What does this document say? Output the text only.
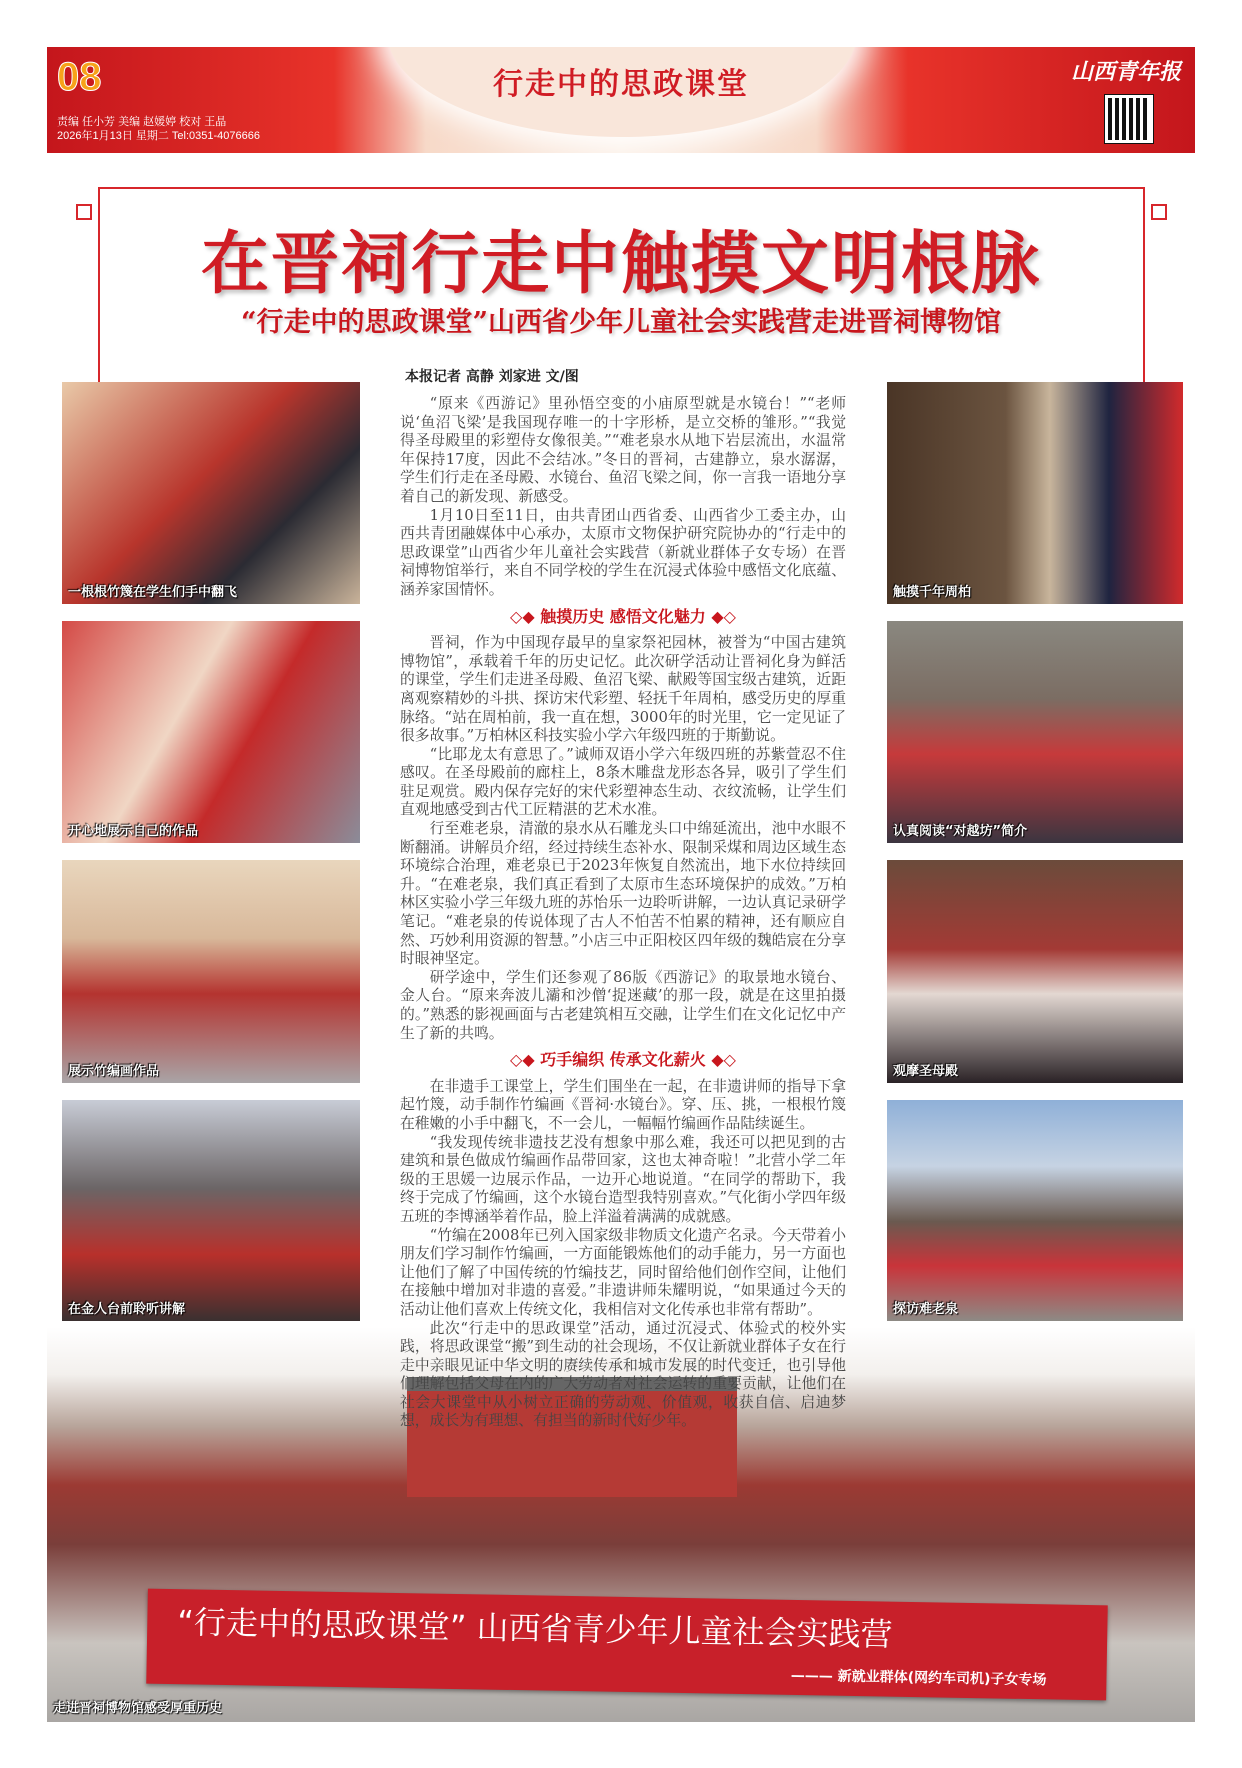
08	行走中的思政课堂
责编 任小芳 美编 赵媛婷 校对 王晶
2026年1月13日 星期二 Tel:0351-4076666
山西青年报
在晋祠行走中触摸文明根脉
“行走中的思政课堂”山西省少年儿童社会实践营走进晋祠博物馆
本报记者 高静 刘家进 文/图

“原来《西游记》里孙悟空变的小庙原型就是水镜台！”“老师说‘鱼沼飞梁’是我国现存唯一的十字形桥，是立交桥的雏形。”“我觉得圣母殿里的彩塑侍女像很美。”“难老泉水从地下岩层流出，水温常年保持17度，因此不会结冰。”冬日的晋祠，古建静立，泉水潺潺，学生们行走在圣母殿、水镜台、鱼沼飞梁之间，你一言我一语地分享着自己的新发现、新感受。

1月10日至11日，由共青团山西省委、山西省少工委主办，山西共青团融媒体中心承办，太原市文物保护研究院协办的“行走中的思政课堂”山西省少年儿童社会实践营（新就业群体子女专场）在晋祠博物馆举行，来自不同学校的学生在沉浸式体验中感悟文化底蕴、涵养家国情怀。

◇◆ 触摸历史 感悟文化魅力 ◆◇

晋祠，作为中国现存最早的皇家祭祀园林，被誉为“中国古建筑博物馆”，承载着千年的历史记忆。此次研学活动让晋祠化身为鲜活的课堂，学生们走进圣母殿、鱼沼飞梁、献殿等国宝级古建筑，近距离观察精妙的斗拱、探访宋代彩塑、轻抚千年周柏，感受历史的厚重脉络。“站在周柏前，我一直在想，3000年的时光里，它一定见证了很多故事。”万柏林区科技实验小学六年级四班的于斯勤说。

“比耶龙太有意思了。”诚师双语小学六年级四班的苏紫萱忍不住感叹。在圣母殿前的廊柱上，8条木雕盘龙形态各异，吸引了学生们驻足观赏。殿内保存完好的宋代彩塑神态生动、衣纹流畅，让学生们直观地感受到古代工匠精湛的艺术水准。

行至难老泉，清澈的泉水从石雕龙头口中绵延流出，池中水眼不断翻涌。讲解员介绍，经过持续生态补水、限制采煤和周边区域生态环境综合治理，难老泉已于2023年恢复自然流出，地下水位持续回升。“在难老泉，我们真正看到了太原市生态环境保护的成效。”万柏林区实验小学三年级九班的苏怡乐一边聆听讲解，一边认真记录研学笔记。“难老泉的传说体现了古人不怕苦不怕累的精神，还有顺应自然、巧妙利用资源的智慧。”小店三中正阳校区四年级的魏皓宸在分享时眼神坚定。

研学途中，学生们还参观了86版《西游记》的取景地水镜台、金人台。“原来奔波儿灞和沙僧‘捉迷藏’的那一段，就是在这里拍摄的。”熟悉的影视画面与古老建筑相互交融，让学生们在文化记忆中产生了新的共鸣。

◇◆ 巧手编织 传承文化薪火 ◆◇

在非遗手工课堂上，学生们围坐在一起，在非遗讲师的指导下拿起竹篾，动手制作竹编画《晋祠·水镜台》。穿、压、挑，一根根竹篾在稚嫩的小手中翻飞，不一会儿，一幅幅竹编画作品陆续诞生。

“我发现传统非遗技艺没有想象中那么难，我还可以把见到的古建筑和景色做成竹编画作品带回家，这也太神奇啦！”北营小学二年级的王思媛一边展示作品，一边开心地说道。“在同学的帮助下，我终于完成了竹编画，这个水镜台造型我特别喜欢。”气化街小学四年级五班的李博涵举着作品，脸上洋溢着满满的成就感。

“竹编在2008年已列入国家级非物质文化遗产名录。今天带着小朋友们学习制作竹编画，一方面能锻炼他们的动手能力，另一方面也让他们了解了中国传统的竹编技艺，同时留给他们创作空间，让他们在接触中增加对非遗的喜爱。”非遗讲师朱耀明说，“如果通过今天的活动让他们喜欢上传统文化，我相信对文化传承也非常有帮助”。

此次“行走中的思政课堂”活动，通过沉浸式、体验式的校外实践，将思政课堂“搬”到生动的社会现场，不仅让新就业群体子女在行走中亲眼见证中华文明的赓续传承和城市发展的时代变迁，也引导他们理解包括父母在内的广大劳动者对社会运转的重要贡献，让他们在社会大课堂中从小树立正确的劳动观、价值观，收获自信、启迪梦想，成长为有理想、有担当的新时代好少年。

一根根竹篾在学生们手中翻飞
开心地展示自己的作品
展示竹编画作品
在金人台前聆听讲解
触摸千年周柏
认真阅读“对越坊”简介
观摩圣母殿
探访难老泉
“行走中的思政课堂” 山西省青少年儿童社会实践营
——— 新就业群体(网约车司机)子女专场
走进晋祠博物馆感受厚重历史
